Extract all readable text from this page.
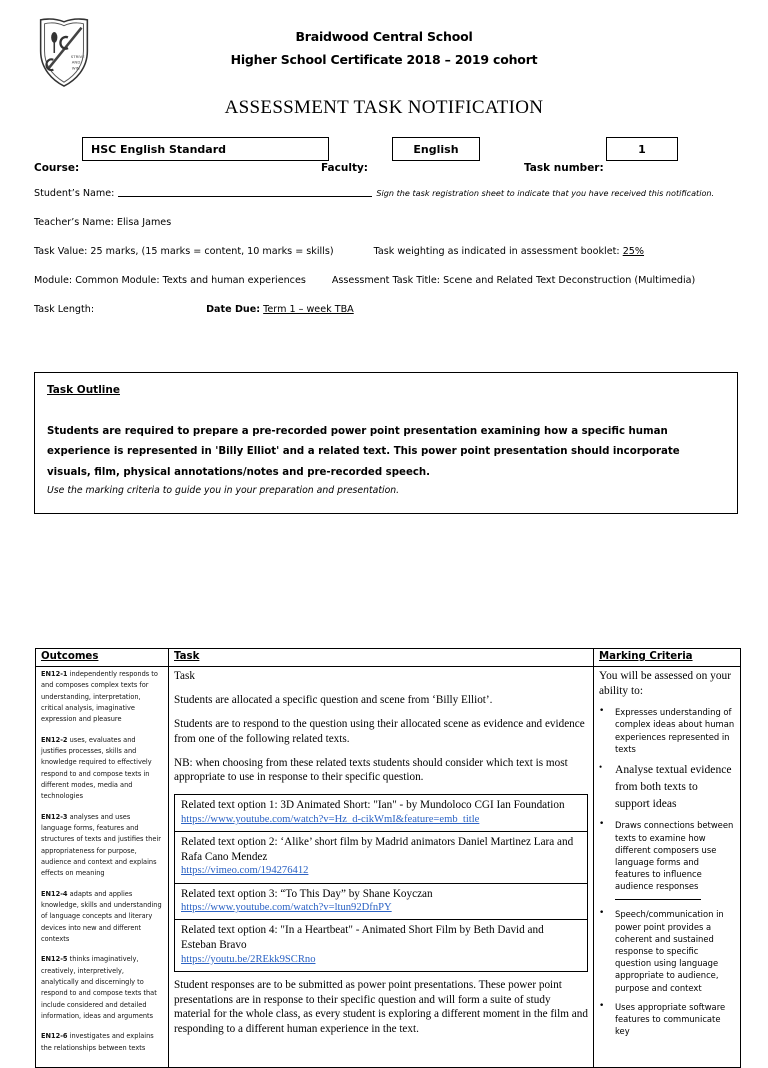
STRIVE
AND
WIN
Braidwood Central School
Higher School Certificate 2018 – 2019 cohort
ASSESSMENT TASK NOTIFICATION
HSC English Standard
Course:
English
Faculty:
1
Task number:
Student’s Name:	Sign the task registration sheet to indicate that you have received this notification.
Teacher’s Name: Elisa James
Task Value: 25 marks, (15 marks = content, 10 marks = skills)	Task weighting as indicated in assessment booklet: 25%
Module: Common Module: Texts and human experiences	Assessment Task Title: Scene and Related Text Deconstruction (Multimedia)
Task Length:	Date Due: Term 1 – week TBA
Task Outline
Students are required to prepare a pre-recorded power point presentation examining how a specific human experience is represented in 'Billy Elliot' and a related text. This power point presentation should incorporate visuals, film, physical annotations/notes and pre-recorded speech.
Use the marking criteria to guide you in your preparation and presentation.
Outcomes	Task	Marking Criteria

EN12-1 independently responds to and composes complex texts for understanding, interpretation, critical analysis, imaginative expression and pleasure
EN12-2 uses, evaluates and justifies processes, skills and knowledge required to effectively respond to and compose texts in different modes, media and technologies
EN12-3 analyses and uses language forms, features and structures of texts and justifies their appropriateness for purpose, audience and context and explains effects on meaning
EN12-4 adapts and applies knowledge, skills and understanding of language concepts and literary devices into new and different contexts
EN12-5 thinks imaginatively, creatively, interpretively, analytically and discerningly to respond to and compose texts that include considered and detailed information, ideas and arguments
EN12-6 investigates and explains the relationships between texts

Task
Students are allocated a specific question and scene from ‘Billy Elliot’.
Students are to respond to the question using their allocated scene as evidence and evidence from one of the following related texts.
NB: when choosing from these related texts students should consider which text is most appropriate to use in response to their specific question.
Related text option 1: 3D Animated Short: "Ian" - by Mundoloco CGI Ian Foundation
https://www.youtube.com/watch?v=Hz_d-cikWmI&feature=emb_title
Related text option 2: ‘Alike’ short film by Madrid animators Daniel Martinez Lara and Rafa Cano Mendez
https://vimeo.com/194276412
Related text option 3: “To This Day” by Shane Koyczan
https://www.youtube.com/watch?v=ltun92DfnPY
Related text option 4: "In a Heartbeat" - Animated Short Film by Beth David and Esteban Bravo
https://youtu.be/2REkk9SCRno
Student responses are to be submitted as power point presentations. These power point presentations are in response to their specific question and will form a suite of study material for the whole class, as every student is exploring a different moment in the film and responding to a different human experience in the text.

You will be assessed on your ability to:
• Expresses understanding of complex ideas about human experiences represented in texts
• Analyse textual evidence from both texts to support ideas
• Draws connections between texts to examine how different composers use language forms and features to influence audience responses
• Speech/communication in power point provides a coherent and sustained response to specific question using language appropriate to audience, purpose and context
• Uses appropriate software features to communicate key
